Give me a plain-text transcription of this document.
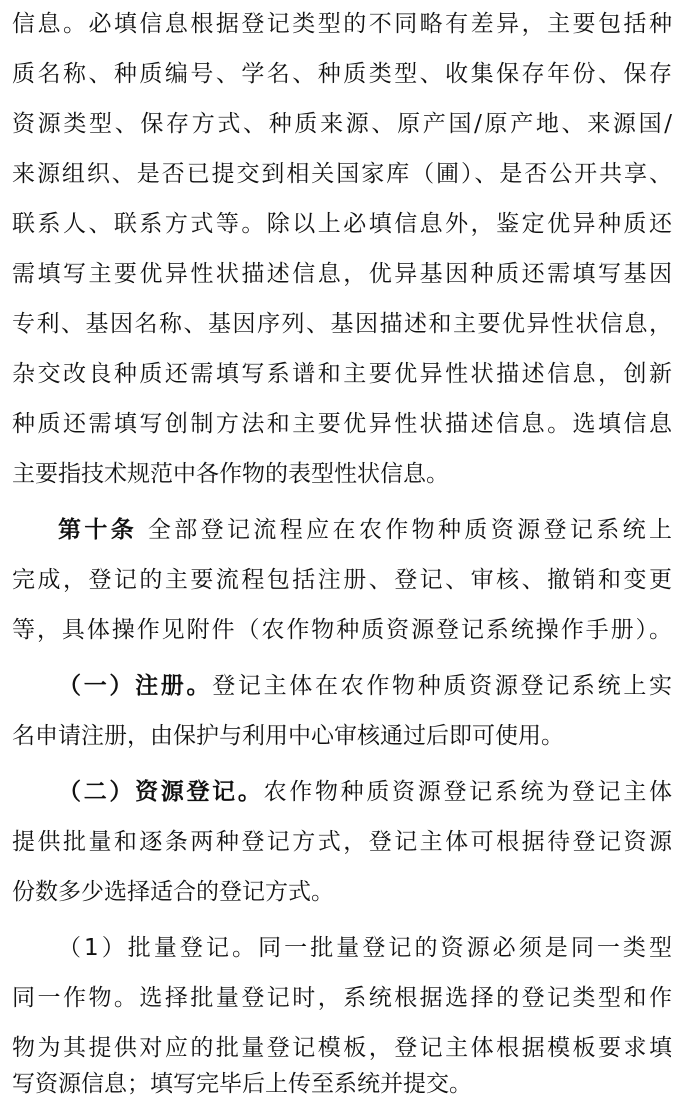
信息。必填信息根据登记类型的不同略有差异，主要包括种
质名称、种质编号、学名、种质类型、收集保存年份、保存
资源类型、保存方式、种质来源、原产国/原产地、来源国/
来源组织、是否已提交到相关国家库（圃）、是否公开共享、
联系人、联系方式等。除以上必填信息外，鉴定优异种质还
需填写主要优异性状描述信息，优异基因种质还需填写基因
专利、基因名称、基因序列、基因描述和主要优异性状信息，
杂交改良种质还需填写系谱和主要优异性状描述信息，创新
种质还需填写创制方法和主要优异性状描述信息。选填信息
主要指技术规范中各作物的表型性状信息。
第十条 全部登记流程应在农作物种质资源登记系统上
完成，登记的主要流程包括注册、登记、审核、撤销和变更
等，具体操作见附件（农作物种质资源登记系统操作手册）。
（一）注册。登记主体在农作物种质资源登记系统上实
名申请注册，由保护与利用中心审核通过后即可使用。
（二）资源登记。农作物种质资源登记系统为登记主体
提供批量和逐条两种登记方式，登记主体可根据待登记资源
份数多少选择适合的登记方式。
（1）批量登记。同一批量登记的资源必须是同一类型
同一作物。选择批量登记时，系统根据选择的登记类型和作
物为其提供对应的批量登记模板，登记主体根据模板要求填
写资源信息；填写完毕后上传至系统并提交。
